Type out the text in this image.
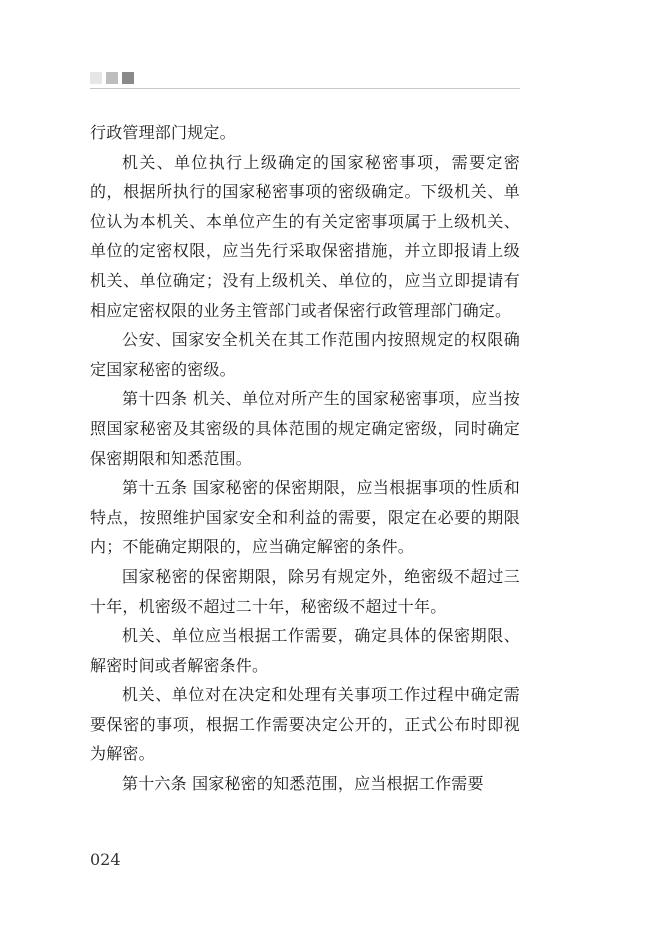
行政管理部门规定。

机关、单位执行上级确定的国家秘密事项，需要定密的，根据所执行的国家秘密事项的密级确定。下级机关、单位认为本机关、本单位产生的有关定密事项属于上级机关、单位的定密权限，应当先行采取保密措施，并立即报请上级机关、单位确定；没有上级机关、单位的，应当立即提请有相应定密权限的业务主管部门或者保密行政管理部门确定。

公安、国家安全机关在其工作范围内按照规定的权限确定国家秘密的密级。

第十四条 机关、单位对所产生的国家秘密事项，应当按照国家秘密及其密级的具体范围的规定确定密级，同时确定保密期限和知悉范围。

第十五条 国家秘密的保密期限，应当根据事项的性质和特点，按照维护国家安全和利益的需要，限定在必要的期限内；不能确定期限的，应当确定解密的条件。

国家秘密的保密期限，除另有规定外，绝密级不超过三十年，机密级不超过二十年，秘密级不超过十年。

机关、单位应当根据工作需要，确定具体的保密期限、解密时间或者解密条件。

机关、单位对在决定和处理有关事项工作过程中确定需要保密的事项，根据工作需要决定公开的，正式公布时即视为解密。

第十六条 国家秘密的知悉范围，应当根据工作需要

024
